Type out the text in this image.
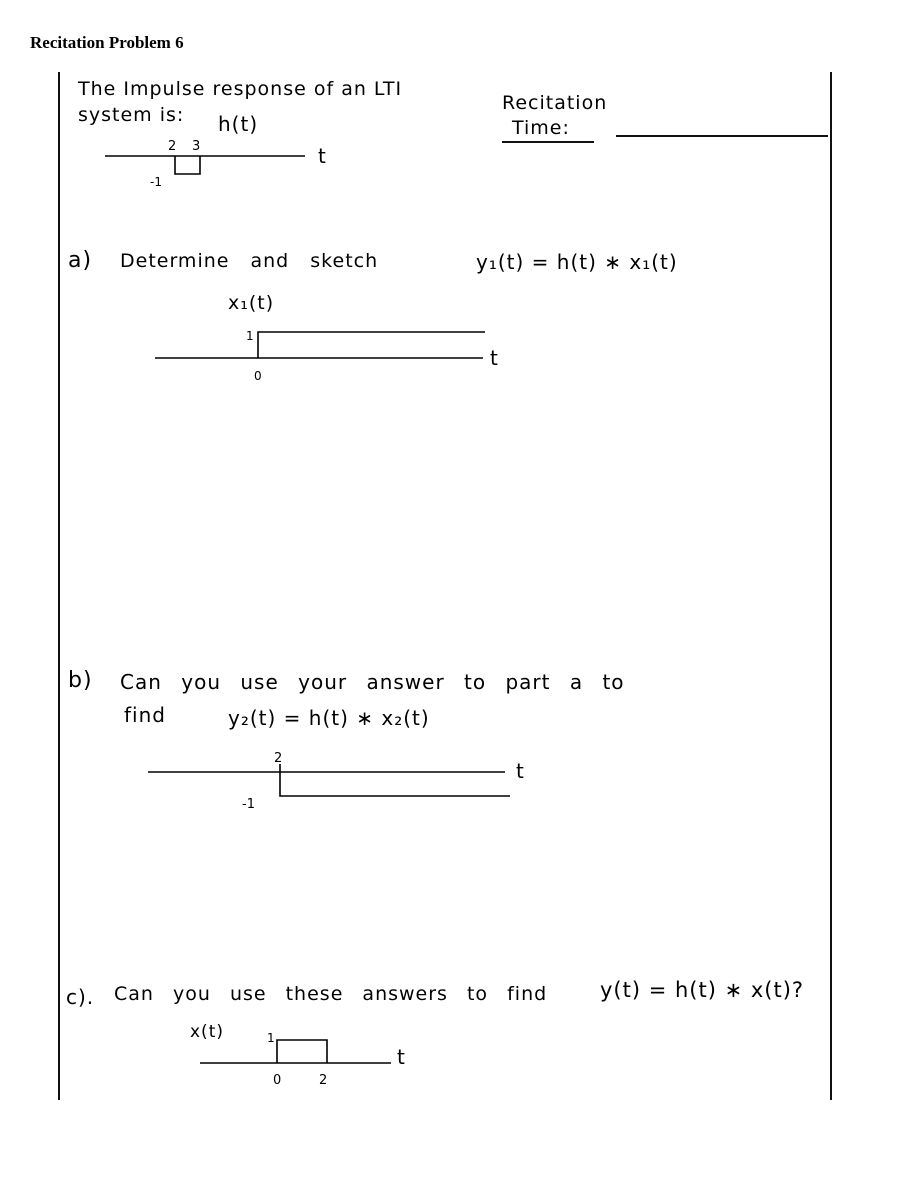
Recitation Problem 6
The Impulse response of an LTI
system is: h(t)
Recitation
Time:
t
2 3
-1
a) Determine and sketch	y₁(t) = h(t) ∗ x₁(t)
x₁(t)
t
1
0
b) Can you use your answer to part a to
find	y₂(t) = h(t) ∗ x₂(t)
t
2
-1
c). Can you use these answers to find	y(t) = h(t) ∗ x(t)?
x(t)
t
1
0	2
